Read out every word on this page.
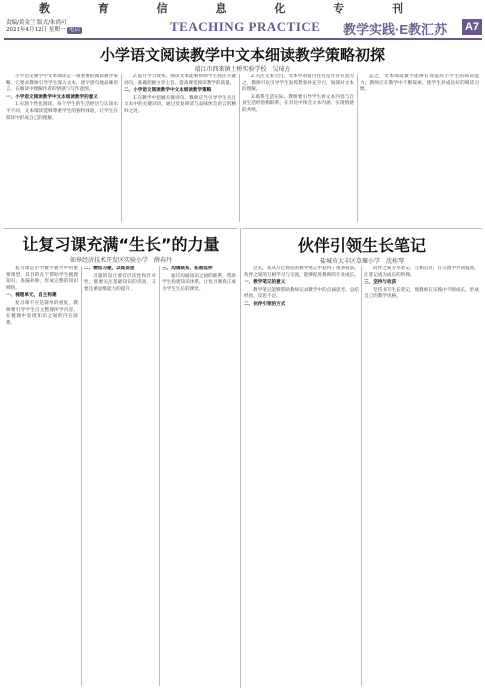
教 育 信 息 化 专 刊
责编/黄金兰 版式/朱尚可
2021年4月12日 星期一 电话	TEACHING PRACTICE 教学实践·E教汇苏 A7
小学语文阅读教学中文本细读教学策略初探
靖江市西来镇土桥实验学校　吴琦方

小学语文教学中文本细读是一项重要的阅读教学策略，它要求教师引导学生深入文本，逐字逐句地品味语言，在细读中理解作者的情感与写作意图。

一、小学语文阅读教学中文本细读教学的意义

1.实现个性化阅读。每个学生的生活经历与认知水平不同，文本细读能够尊重学生的独特体验，让学生在阅读中形成自己的理解。

2.提升学习效率。细读文本能够帮助学生抓住关键词句，准确把握文章主旨，提高课堂阅读教学的质量。

二、小学语文阅读教学中文本细读教学策略

1.在教学中把握关键词句。教师应当引导学生关注文本中的关键词语，通过反复朗读与品味体会语言的精妙之处。

2.关注文本空白。文本中的留白往往是作者有意为之，教师可以引导学生发挥想象补充空白，加深对文本的理解。

3.联系生活实际。教师要引导学生将文本内容与自身生活经验相联系，在对比中体会文本内涵，实现情感的共鸣。

总之，文本细读教学能够有效提高小学生的阅读能力，教师应在教学中不断探索，使学生养成良好的阅读习惯。

伙伴引领生长笔记
盐城市大丰区草堰小学　沈桂琴

过去，我从写过规范的教学笔记中获得了很多收获。伙伴之间的互相学习与交流，能够促进教师的专业成长。

一、教学笔记的意义

教学笔记能够帮助教师记录教学中的点滴思考，总结经验，反思不足。

二、伙伴引领的方式

同伴之间分享笔记、互相点评，在交流中共同提高，让笔记成为成长的阶梯。

三、坚持与收获

坚持书写生长笔记，使教师在实践中不断成长，形成自己的教学风格。

让复习课充满“生长”的力量
如皋经济技术开发区实验小学　薛春丹

复习课是小学数学教学中的重要课型，其目的在于帮助学生梳理知识、查漏补缺，形成完整的知识网络。

一、梳理单元，自主构建

复习课不应是简单的重复，教师要引导学生自主整理所学内容，在梳理中发现知识之间的内在联系。

二、精选习题，以练促思

习题的设计要有层次性和针对性，既要关注基础知识的巩固，又要注重思维能力的提升。

三、沟通联系，拓展延伸

通过沟通知识之间的联系，帮助学生构建知识体系，让复习课真正成为学生生长的课堂。
